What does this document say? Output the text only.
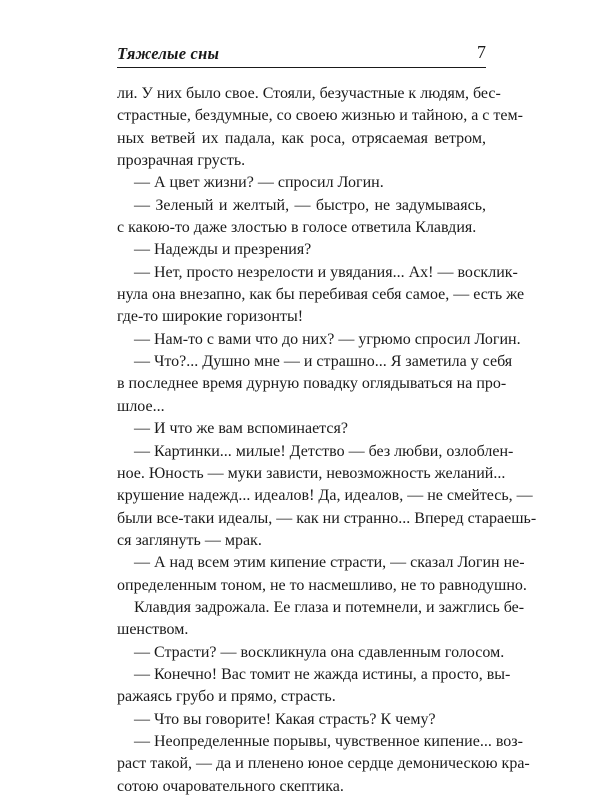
Тяжелые сны	7
ли. У них было свое. Стояли, безучастные к людям, бес-
страстные, бездумные, со своею жизнью и тайною, а с тем-
ных ветвей их падала, как роса, отрясаемая ветром,
прозрачная грусть.
— А цвет жизни? — спросил Логин.
— Зеленый и желтый, — быстро, не задумываясь,
с какою-то даже злостью в голосе ответила Клавдия.
— Надежды и презрения?
— Нет, просто незрелости и увядания... Ах! — восклик-
нула она внезапно, как бы перебивая себя самое, — есть же
где-то широкие горизонты!
— Нам-то с вами что до них? — угрюмо спросил Логин.
— Что?... Душно мне — и страшно... Я заметила у себя
в последнее время дурную повадку оглядываться на про-
шлое...
— И что же вам вспоминается?
— Картинки... милые! Детство — без любви, озлоблен-
ное. Юность — муки зависти, невозможность желаний...
крушение надежд... идеалов! Да, идеалов, — не смейтесь, —
были все-таки идеалы, — как ни странно... Вперед стараешь-
ся заглянуть — мрак.
— А над всем этим кипение страсти, — сказал Логин не-
определенным тоном, не то насмешливо, не то равнодушно.
Клавдия задрожала. Ее глаза и потемнели, и зажглись бе-
шенством.
— Страсти? — воскликнула она сдавленным голосом.
— Конечно! Вас томит не жажда истины, а просто, вы-
ражаясь грубо и прямо, страсть.
— Что вы говорите! Какая страсть? К чему?
— Неопределенные порывы, чувственное кипение... воз-
раст такой, — да и пленено юное сердце демоническою кра-
сотою очаровательного скептика.
